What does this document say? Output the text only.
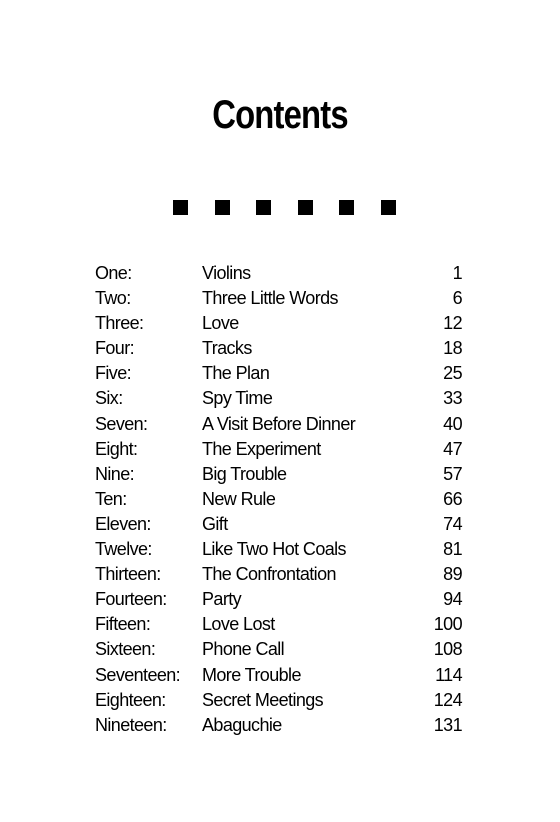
Contents
One:	Violins	1
Two:	Three Little Words	6
Three:	Love	12
Four:	Tracks	18
Five:	The Plan	25
Six:	Spy Time	33
Seven:	A Visit Before Dinner	40
Eight:	The Experiment	47
Nine:	Big Trouble	57
Ten:	New Rule	66
Eleven:	Gift	74
Twelve:	Like Two Hot Coals	81
Thirteen: The Confrontation	89
Fourteen: Party	94
Fifteen:	Love Lost	100
Sixteen:	Phone Call	108
Seventeen: More Trouble	114
Eighteen: Secret Meetings	124
Nineteen: Abaguchie	131
